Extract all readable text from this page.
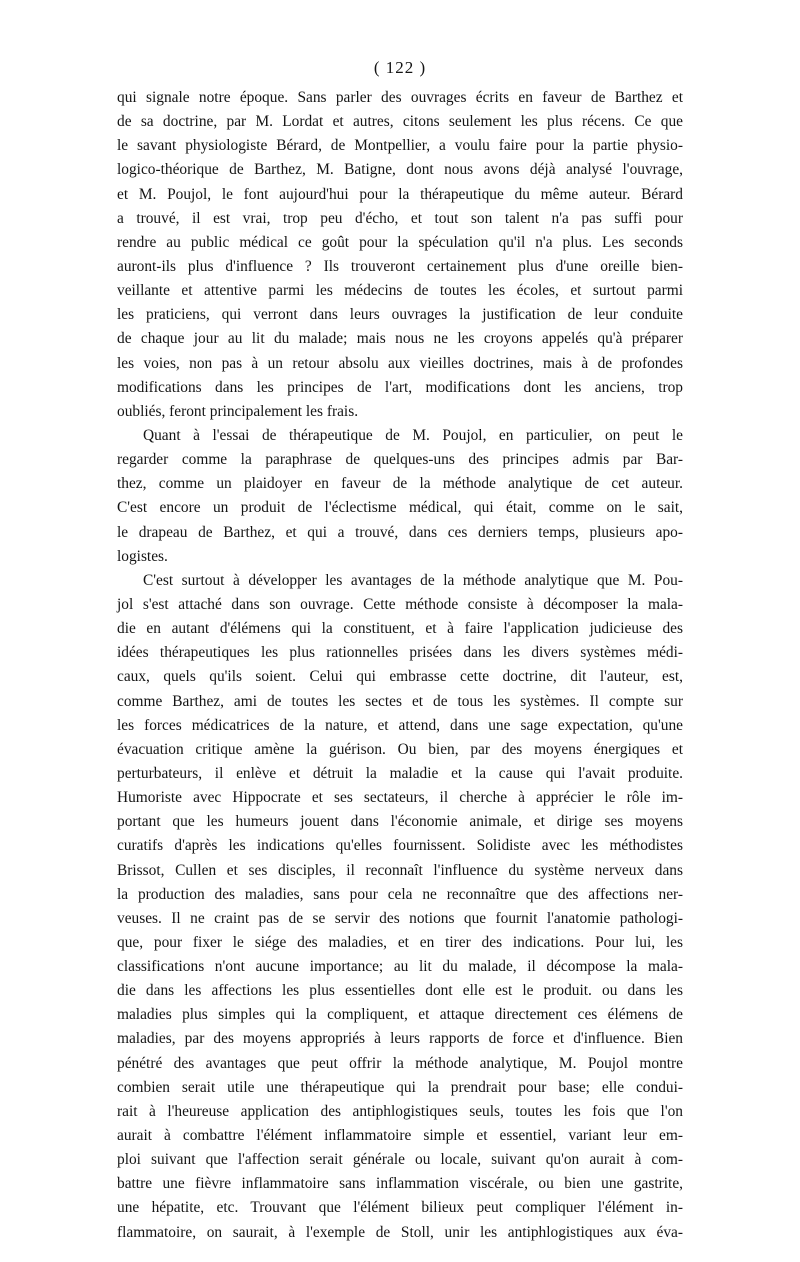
( 122 )
qui signale notre époque. Sans parler des ouvrages écrits en faveur de Barthez et
de sa doctrine, par M. Lordat et autres, citons seulement les plus récens. Ce que
le savant physiologiste Bérard, de Montpellier, a voulu faire pour la partie physio-
logico-théorique de Barthez, M. Batigne, dont nous avons déjà analysé l'ouvrage,
et M. Poujol, le font aujourd'hui pour la thérapeutique du même auteur. Bérard
a trouvé, il est vrai, trop peu d'écho, et tout son talent n'a pas suffi pour
rendre au public médical ce goût pour la spéculation qu'il n'a plus. Les seconds
auront-ils plus d'influence ? Ils trouveront certainement plus d'une oreille bien-
veillante et attentive parmi les médecins de toutes les écoles, et surtout parmi
les praticiens, qui verront dans leurs ouvrages la justification de leur conduite
de chaque jour au lit du malade; mais nous ne les croyons appelés qu'à préparer
les voies, non pas à un retour absolu aux vieilles doctrines, mais à de profondes
modifications dans les principes de l'art, modifications dont les anciens, trop
oubliés, feront principalement les frais.
Quant à l'essai de thérapeutique de M. Poujol, en particulier, on peut le
regarder comme la paraphrase de quelques-uns des principes admis par Bar-
thez, comme un plaidoyer en faveur de la méthode analytique de cet auteur.
C'est encore un produit de l'éclectisme médical, qui était, comme on le sait,
le drapeau de Barthez, et qui a trouvé, dans ces derniers temps, plusieurs apo-
logistes.
C'est surtout à développer les avantages de la méthode analytique que M. Pou-
jol s'est attaché dans son ouvrage. Cette méthode consiste à décomposer la mala-
die en autant d'élémens qui la constituent, et à faire l'application judicieuse des
idées thérapeutiques les plus rationnelles prisées dans les divers systèmes médi-
caux, quels qu'ils soient. Celui qui embrasse cette doctrine, dit l'auteur, est,
comme Barthez, ami de toutes les sectes et de tous les systèmes. Il compte sur
les forces médicatrices de la nature, et attend, dans une sage expectation, qu'une
évacuation critique amène la guérison. Ou bien, par des moyens énergiques et
perturbateurs, il enlève et détruit la maladie et la cause qui l'avait produite.
Humoriste avec Hippocrate et ses sectateurs, il cherche à apprécier le rôle im-
portant que les humeurs jouent dans l'économie animale, et dirige ses moyens
curatifs d'après les indications qu'elles fournissent. Solidiste avec les méthodistes
Brissot, Cullen et ses disciples, il reconnaît l'influence du système nerveux dans
la production des maladies, sans pour cela ne reconnaître que des affections ner-
veuses. Il ne craint pas de se servir des notions que fournit l'anatomie pathologi-
que, pour fixer le siége des maladies, et en tirer des indications. Pour lui, les
classifications n'ont aucune importance; au lit du malade, il décompose la mala-
die dans les affections les plus essentielles dont elle est le produit. ou dans les
maladies plus simples qui la compliquent, et attaque directement ces élémens de
maladies, par des moyens appropriés à leurs rapports de force et d'influence. Bien
pénétré des avantages que peut offrir la méthode analytique, M. Poujol montre
combien serait utile une thérapeutique qui la prendrait pour base; elle condui-
rait à l'heureuse application des antiphlogistiques seuls, toutes les fois que l'on
aurait à combattre l'élément inflammatoire simple et essentiel, variant leur em-
ploi suivant que l'affection serait générale ou locale, suivant qu'on aurait à com-
battre une fièvre inflammatoire sans inflammation viscérale, ou bien une gastrite,
une hépatite, etc. Trouvant que l'élément bilieux peut compliquer l'élément in-
flammatoire, on saurait, à l'exemple de Stoll, unir les antiphlogistiques aux éva-
